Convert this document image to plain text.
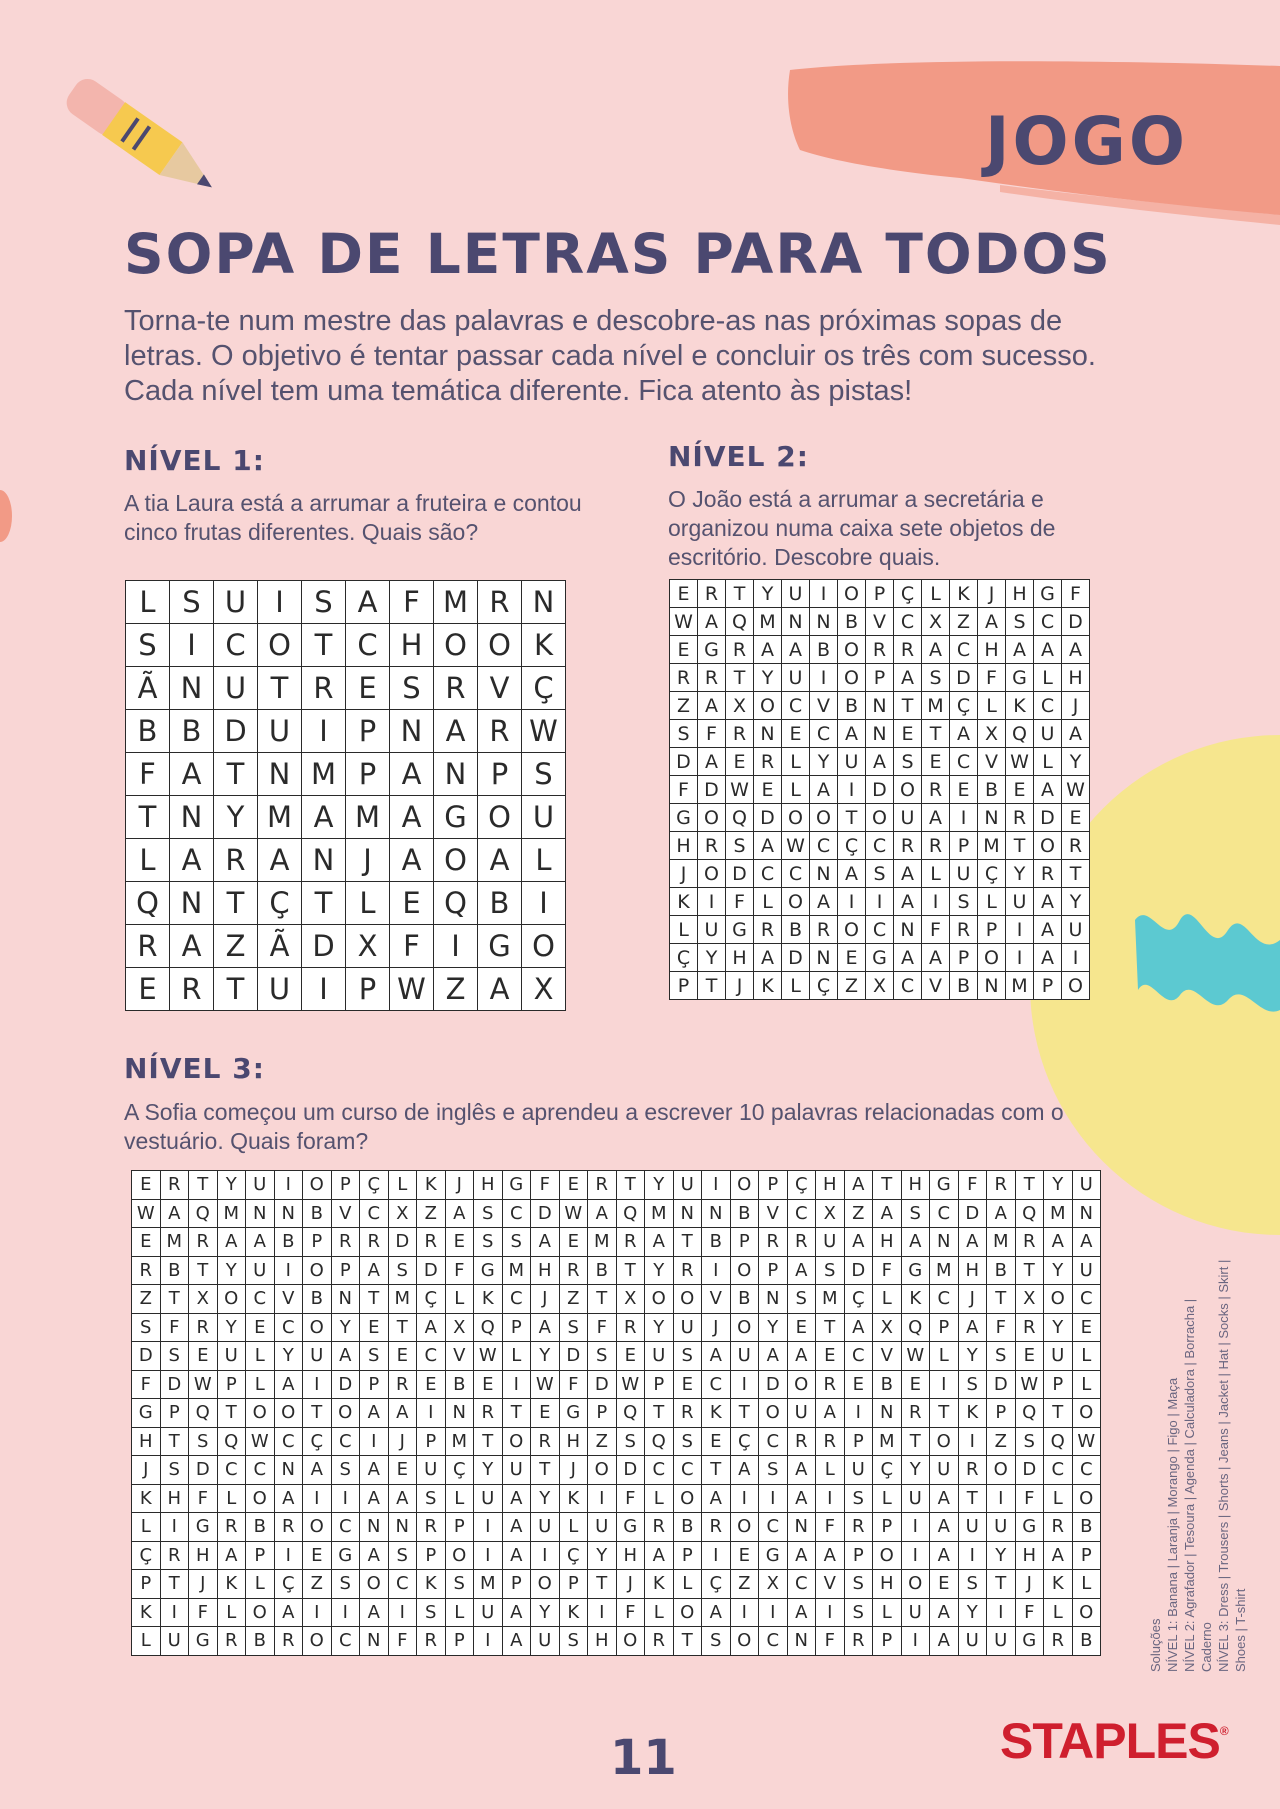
JOGO
SOPA DE LETRAS PARA TODOS
Torna-te num mestre das palavras e descobre-as nas próximas sopas de letras. O objetivo é tentar passar cada nível e concluir os três com sucesso. Cada nível tem uma temática diferente. Fica atento às pistas!
NÍVEL 1:
A tia Laura está a arrumar a fruteira e contou cinco frutas diferentes. Quais são?
L	S	U	I	S	A	F	M	R	N
S	I	C	O	T	C	H	O	O	K
Ã	N	U	T	R	E	S	R	V	Ç
B	B	D	U	I	P	N	A	R	W
F	A	T	N	M	P	A	N	P	S
T	N	Y	M	A	M	A	G	O	U
L	A	R	A	N	J	A	O	A	L
Q	N	T	Ç	T	L	E	Q	B	I
R	A	Z	Ã	D	X	F	I	G	O
E	R	T	U	I	P	W	Z	A	X
NÍVEL 2:
O João está a arrumar a secretária e organizou numa caixa sete objetos de escritório. Descobre quais.
E	R	T	Y	U	I	O	P	Ç	L	K	J	H	G	F
W	A	Q	M	N	N	B	V	C	X	Z	A	S	C	D
E	G	R	A	A	B	O	R	R	A	C	H	A	A	A
R	R	T	Y	U	I	O	P	A	S	D	F	G	L	H
Z	A	X	O	C	V	B	N	T	M	Ç	L	K	C	J
S	F	R	N	E	C	A	N	E	T	A	X	Q	U	A
D	A	E	R	L	Y	U	A	S	E	C	V	W	L	Y
F	D	W	E	L	A	I	D	O	R	E	B	E	A	W
G	O	Q	D	O	O	T	O	U	A	I	N	R	D	E
H	R	S	A	W	C	Ç	C	R	R	P	M	T	O	R
J	O	D	C	C	N	A	S	A	L	U	Ç	Y	R	T
K	I	F	L	O	A	I	I	A	I	S	L	U	A	Y
L	U	G	R	B	R	O	C	N	F	R	P	I	A	U
Ç	Y	H	A	D	N	E	G	A	A	P	O	I	A	I
P	T	J	K	L	Ç	Z	X	C	V	B	N	M	P	O
NÍVEL 3:
A Sofia começou um curso de inglês e aprendeu a escrever 10 palavras relacionadas com o vestuário. Quais foram?
E	R	T	Y	U	I	O	P	Ç	L	K	J	H	G	F	E	R	T	Y	U	I	O	P	Ç	H	A	T	H	G	F	R	T	Y	U
W	A	Q	M	N	N	B	V	C	X	Z	A	S	C	D	W	A	Q	M	N	N	B	V	C	X	Z	A	S	C	D	A	Q	M	N
E	M	R	A	A	B	P	R	R	D	R	E	S	S	A	E	M	R	A	T	B	P	R	R	U	A	H	A	N	A	M	R	A	A
R	B	T	Y	U	I	O	P	A	S	D	F	G	M	H	R	B	T	Y	R	I	O	P	A	S	D	F	G	M	H	B	T	Y	U
Z	T	X	O	C	V	B	N	T	M	Ç	L	K	C	J	Z	T	X	O	O	V	B	N	S	M	Ç	L	K	C	J	T	X	O	C
S	F	R	Y	E	C	O	Y	E	T	A	X	Q	P	A	S	F	R	Y	U	J	O	Y	E	T	A	X	Q	P	A	F	R	Y	E
D	S	E	U	L	Y	U	A	S	E	C	V	W	L	Y	D	S	E	U	S	A	U	A	A	E	C	V	W	L	Y	S	E	U	L
F	D	W	P	L	A	I	D	P	R	E	B	E	I	W	F	D	W	P	E	C	I	D	O	R	E	B	E	I	S	D	W	P	L
G	P	Q	T	O	O	T	O	A	A	I	N	R	T	E	G	P	Q	T	R	K	T	O	U	A	I	N	R	T	K	P	Q	T	O
H	T	S	Q	W	C	Ç	C	I	J	P	M	T	O	R	H	Z	S	Q	S	E	Ç	C	R	R	P	M	T	O	I	Z	S	Q	W
J	S	D	C	C	N	A	S	A	E	U	Ç	Y	U	T	J	O	D	C	C	T	A	S	A	L	U	Ç	Y	U	R	O	D	C	C
K	H	F	L	O	A	I	I	A	A	S	L	U	A	Y	K	I	F	L	O	A	I	I	A	I	S	L	U	A	T	I	F	L	O
L	I	G	R	B	R	O	C	N	N	R	P	I	A	U	L	U	G	R	B	R	O	C	N	F	R	P	I	A	U	U	G	R	B
Ç	R	H	A	P	I	E	G	A	S	P	O	I	A	I	Ç	Y	H	A	P	I	E	G	A	A	P	O	I	A	I	Y	H	A	P
P	T	J	K	L	Ç	Z	S	O	C	K	S	M	P	O	P	T	J	K	L	Ç	Z	X	C	V	S	H	O	E	S	T	J	K	L
K	I	F	L	O	A	I	I	A	I	S	L	U	A	Y	K	I	F	L	O	A	I	I	A	I	S	L	U	A	Y	I	F	L	O
L	U	G	R	B	R	O	C	N	F	R	P	I	A	U	S	H	O	R	T	S	O	C	N	F	R	P	I	A	U	U	G	R	B	Soluções NÍVEL 1: Banana | Laranja | Morango | Figo | Maça NÍVEL 2: Agrafador | Tesoura | Agenda | Calculadora | Borracha | Caderno NÍVEL 3: Dress | Trousers | Shorts | Jeans | Jacket | Hat | Socks | Skirt | Shoes | T-shirt
11	STAPLES®
